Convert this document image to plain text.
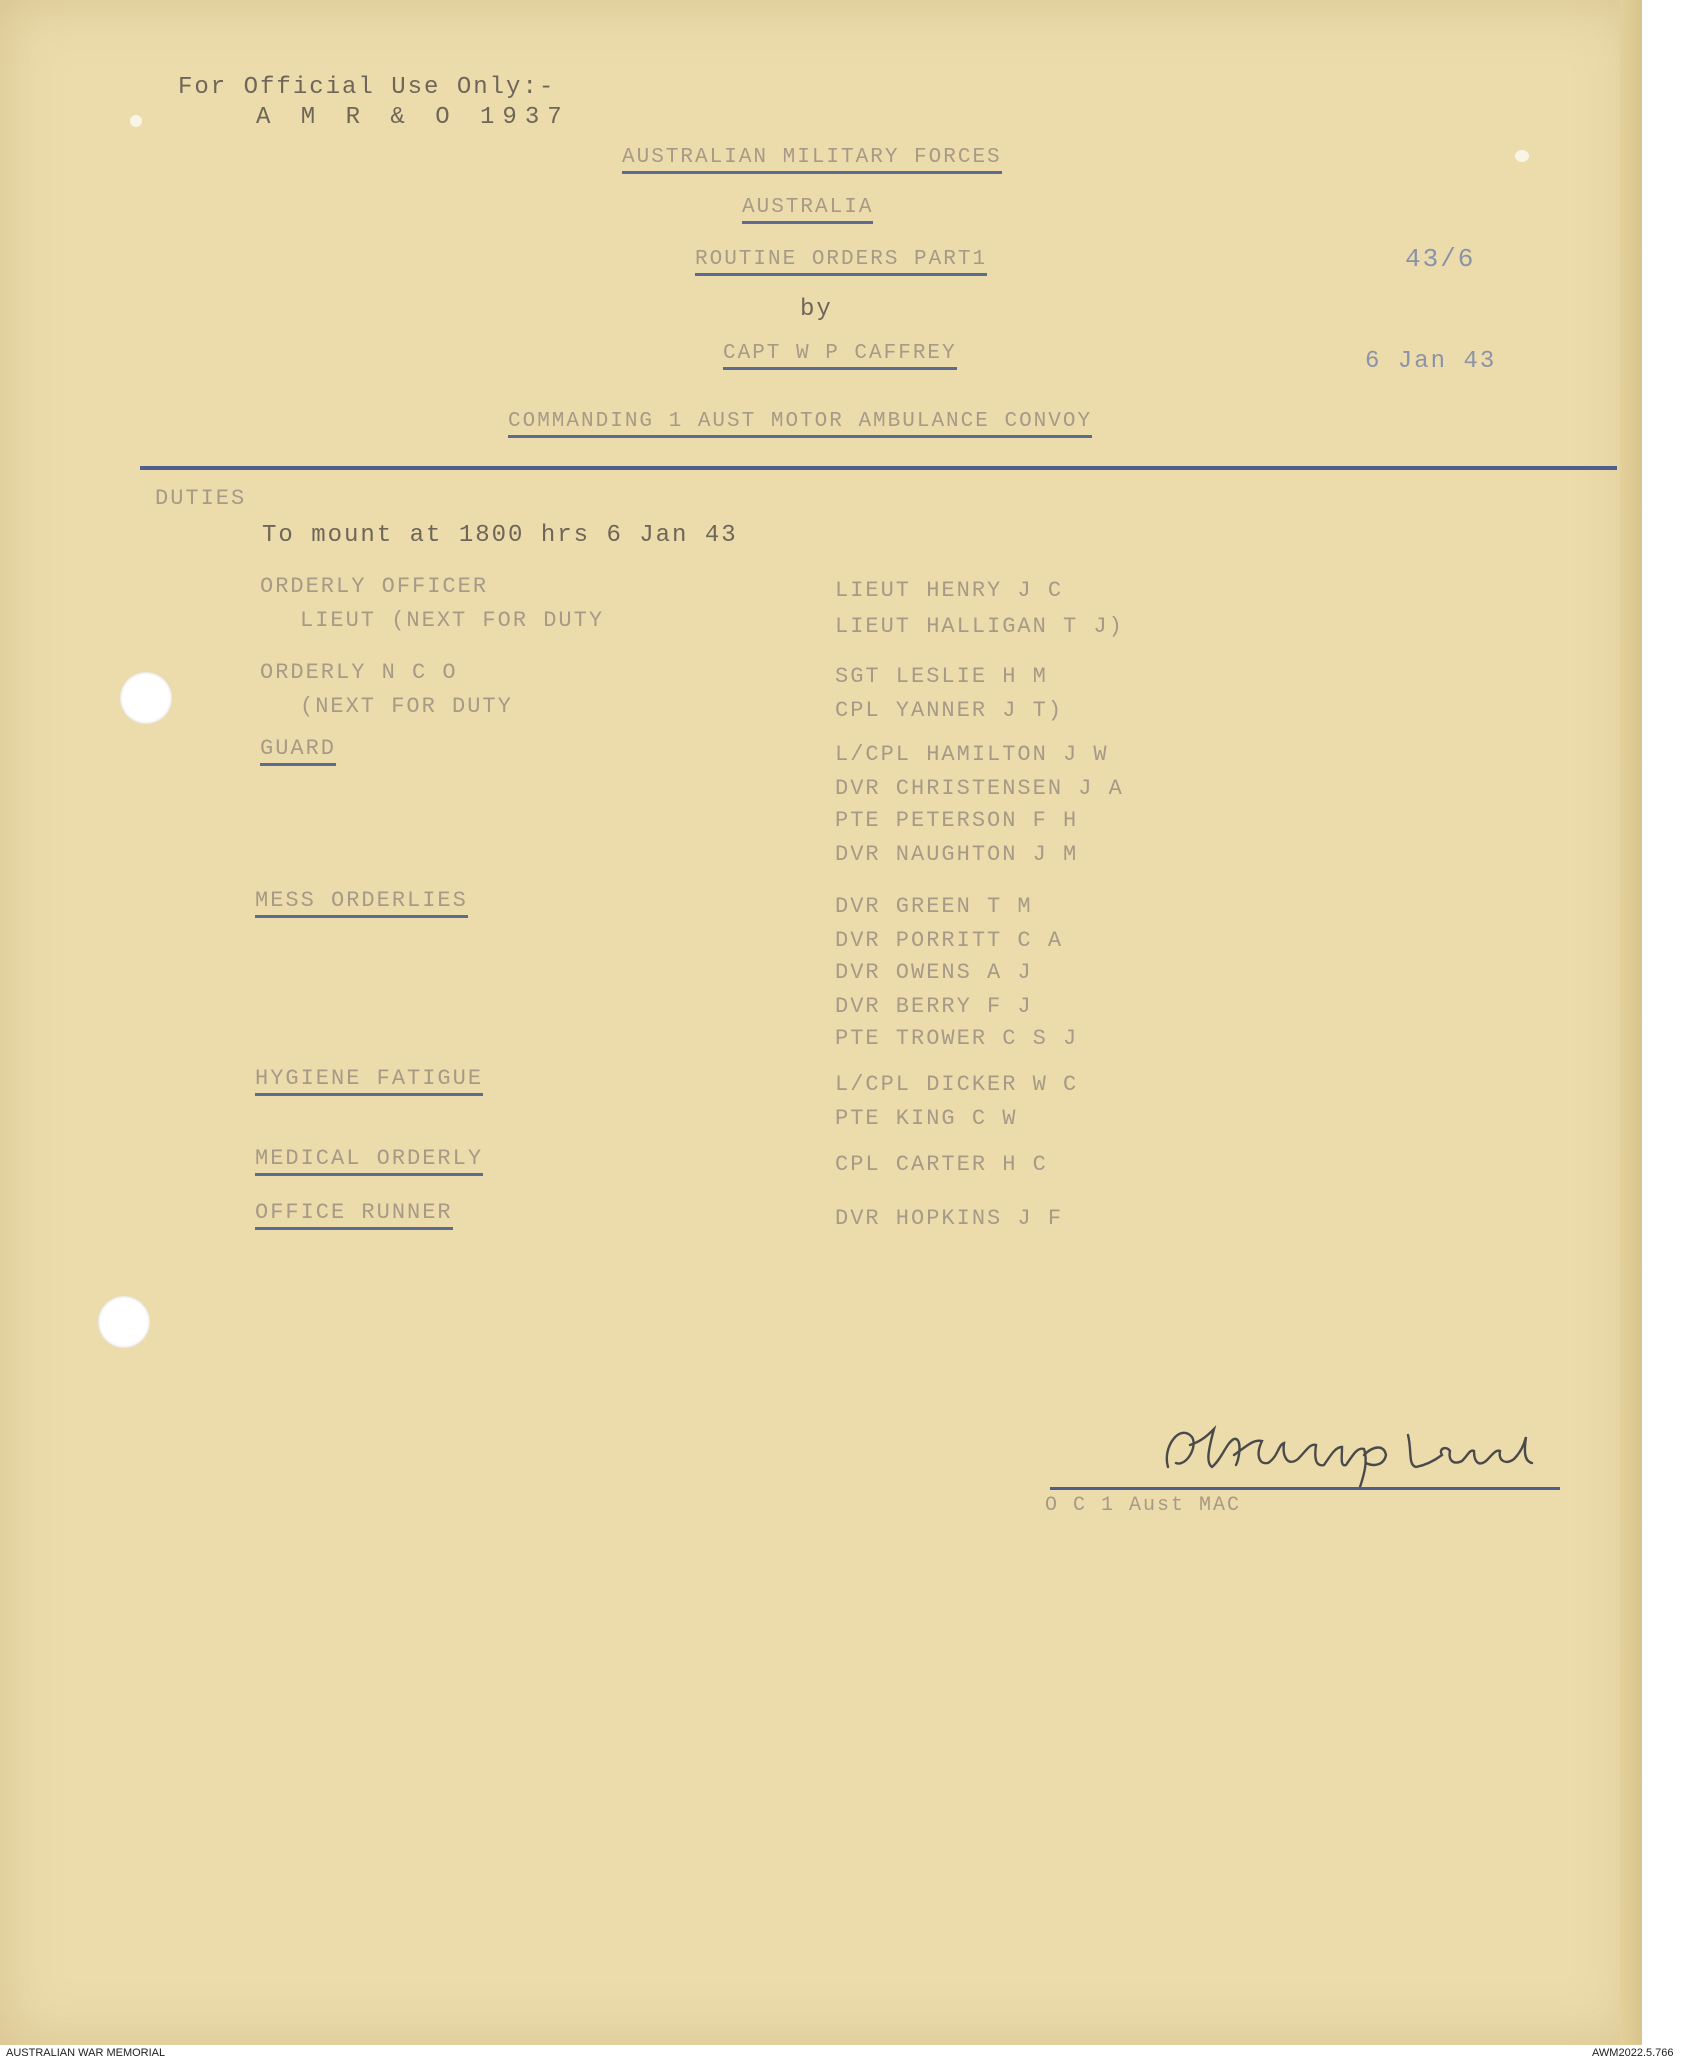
For Official Use Only:-
A M R & O 1937
AUSTRALIAN MILITARY FORCES
AUSTRALIA
ROUTINE ORDERS PART1
by
CAPT W P CAFFREY
COMMANDING 1 AUST MOTOR AMBULANCE CONVOY
43/6
6 Jan 43
DUTIES
To mount at 1800 hrs 6 Jan 43
ORDERLY OFFICER	LIEUT HENRY J C
LIEUT (NEXT FOR DUTY	LIEUT HALLIGAN T J)
ORDERLY N C O	SGT LESLIE H M
(NEXT FOR DUTY	CPL YANNER J T)
GUARD	L/CPL HAMILTON J W
DVR CHRISTENSEN J A
PTE PETERSON F H
DVR NAUGHTON J M
MESS ORDERLIES	DVR GREEN T M
DVR PORRITT C A
DVR OWENS A J
DVR BERRY F J
PTE TROWER C S J
HYGIENE FATIGUE	L/CPL DICKER W C
PTE KING C W
MEDICAL ORDERLY	CPL CARTER H C
OFFICE RUNNER	DVR HOPKINS J F
O C 1 Aust MAC
AUSTRALIAN WAR MEMORIAL	AWM2022.5.766
